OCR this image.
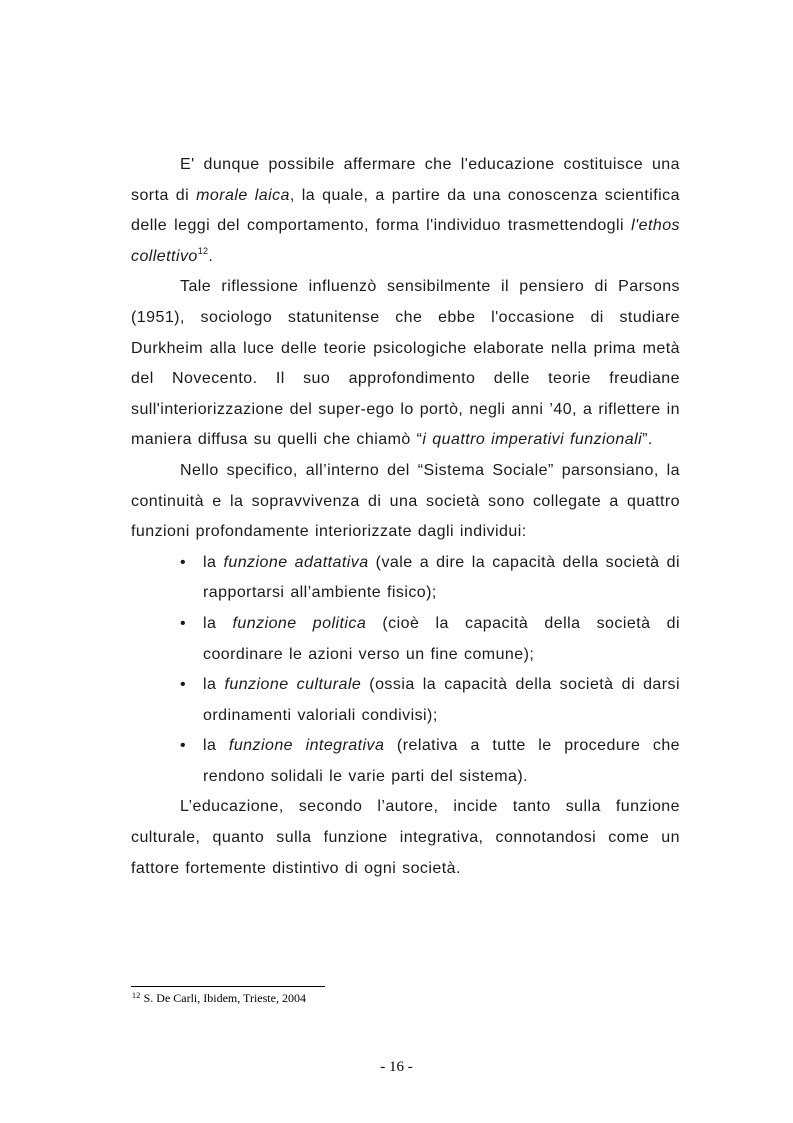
E' dunque possibile affermare che l'educazione costituisce una sorta di morale laica, la quale, a partire da una conoscenza scientifica delle leggi del comportamento, forma l'individuo trasmettendogli l'ethos collettivo$^{12}$.

Tale riflessione influenzò sensibilmente il pensiero di Parsons (1951), sociologo statunitense che ebbe l'occasione di studiare Durkheim alla luce delle teorie psicologiche elaborate nella prima metà del Novecento. Il suo approfondimento delle teorie freudiane sull'interiorizzazione del super-ego lo portò, negli anni ’40, a riflettere in maniera diffusa su quelli che chiamò “i quattro imperativi funzionali”.

Nello specifico, all’interno del “Sistema Sociale” parsonsiano, la continuità e la sopravvivenza di una società sono collegate a quattro funzioni profondamente interiorizzate dagli individui:

• la funzione adattativa (vale a dire la capacità della società di rapportarsi all’ambiente fisico);
• la funzione politica (cioè la capacità della società di coordinare le azioni verso un fine comune);
• la funzione culturale (ossia la capacità della società di darsi ordinamenti valoriali condivisi);
• la funzione integrativa (relativa a tutte le procedure che rendono solidali le varie parti del sistema).

L’educazione, secondo l’autore, incide tanto sulla funzione culturale, quanto sulla funzione integrativa, connotandosi come un fattore fortemente distintivo di ogni società.

$^{12}$ S. De Carli, Ibidem, Trieste, 2004
- 16 -
